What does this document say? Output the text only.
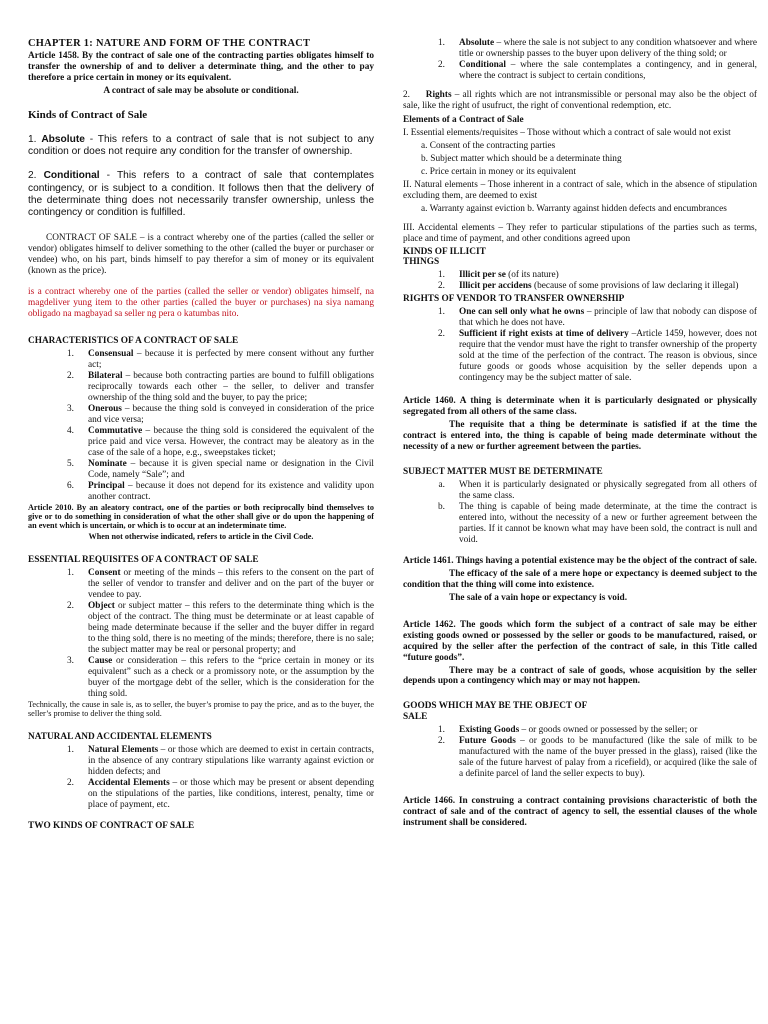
CHAPTER 1: NATURE AND FORM OF THE CONTRACT

Article 1458. By the contract of sale one of the contracting parties obligates himself to transfer the ownership of and to deliver a determinate thing, and the other to pay therefore a price certain in money or its equivalent.

A contract of sale may be absolute or conditional.

Kinds of Contract of Sale

1. Absolute - This refers to a contract of sale that is not subject to any condition or does not require any condition for the transfer of ownership.

2. Conditional - This refers to a contract of sale that contemplates contingency, or is subject to a condition. It follows then that the delivery of the determinate thing does not necessarily transfer ownership, unless the contingency or condition is fulfilled.

CONTRACT OF SALE – is a contract whereby one of the parties (called the seller or vendor) obligates himself to deliver something to the other (called the buyer or purchaser or vendee) who, on his part, binds himself to pay therefor a sim of money or its equivalent (known as the price).

is a contract whereby one of the parties (called the seller or vendor) obligates himself, na magdeliver yung item to the other parties (called the buyer or purchases) na siya namang obligado na magbayad sa seller ng pera o katumbas nito.

CHARACTERISTICS OF A CONTRACT OF SALE

1.	Consensual – because it is perfected by mere consent without any further act;
2.	Bilateral – because both contracting parties are bound to fulfill obligations reciprocally towards each other – the seller, to deliver and transfer ownership of the thing sold and the buyer, to pay the price;
3.	Onerous – because the thing sold is conveyed in consideration of the price and vice versa;
4.	Commutative – because the thing sold is considered the equivalent of the price paid and vice versa. However, the contract may be aleatory as in the case of the sale of a hope, e.g., sweepstakes ticket;
5.	Nominate – because it is given special name or designation in the Civil Code, namely “Sale”; and
6.	Principal – because it does not depend for its existence and validity upon another contract.

Article 2010. By an aleatory contract, one of the parties or both reciprocally bind themselves to give or to do something in consideration of what the other shall give or do upon the happening of an event which is uncertain, or which is to occur at an indeterminate time.

When not otherwise indicated, refers to article in the Civil Code.

ESSENTIAL REQUISITES OF A CONTRACT OF SALE

1.	Consent or meeting of the minds – this refers to the consent on the part of the seller of vendor to transfer and deliver and on the part of the buyer or vendee to pay.
2.	Object or subject matter – this refers to the determinate thing which is the object of the contract. The thing must be determinate or at least capable of being made determinate because if the seller and the buyer differ in regard to the thing sold, there is no meeting of the minds; therefore, there is no sale; the subject matter may be real or personal property; and
3.	Cause or consideration – this refers to the “price certain in money or its equivalent” such as a check or a promissory note, or the assumption by the buyer of the mortgage debt of the seller, which is the consideration for the thing sold.

Technically, the cause in sale is, as to seller, the buyer’s promise to pay the price, and as to the buyer, the seller’s promise to deliver the thing sold.

NATURAL AND ACCIDENTAL ELEMENTS

1.	Natural Elements – or those which are deemed to exist in certain contracts, in the absence of any contrary stipulations like warranty against eviction or hidden defects; and
2.	Accidental Elements – or those which may be present or absent depending on the stipulations of the parties, like conditions, interest, penalty, time or place of payment, etc.

TWO KINDS OF CONTRACT OF SALE

1.	Absolute – where the sale is not subject to any condition whatsoever and where title or ownership passes to the buyer upon delivery of the thing sold; or
2.	Conditional – where the sale contemplates a contingency, and in general, where the contract is subject to certain conditions,

2. Rights – all rights which are not intransmissible or personal may also be the object of sale, like the right of usufruct, the right of conventional redemption, etc.

Elements of a Contract of Sale

I. Essential elements/requisites – Those without which a contract of sale would not exist

a. Consent of the contracting parties

b. Subject matter which should be a determinate thing

c. Price certain in money or its equivalent

II. Natural elements – Those inherent in a contract of sale, which in the absence of stipulation excluding them, are deemed to exist

a. Warranty against eviction b. Warranty against hidden defects and encumbrances

III. Accidental elements – They refer to particular stipulations of the parties such as terms, place and time of payment, and other conditions agreed upon

KINDS OF ILLICIT THINGS

1.	Illicit per se (of its nature)
2.	Illicit per accidens (because of some provisions of law declaring it illegal)

RIGHTS OF VENDOR TO TRANSFER OWNERSHIP

1.	One can sell only what he owns – principle of law that nobody can dispose of that which he does not have.
2.	Sufficient if right exists at time of delivery –Article 1459, however, does not require that the vendor must have the right to transfer ownership of the property sold at the time of the perfection of the contract. The reason is obvious, since future goods or goods whose acquisition by the seller depends upon a contingency may be the subject matter of sale.

Article 1460. A thing is determinate when it is particularly designated or physically segregated from all others of the same class.

The requisite that a thing be determinate is satisfied if at the time the contract is entered into, the thing is capable of being made determinate without the necessity of a new or further agreement between the parties.

SUBJECT MATTER MUST BE DETERMINATE

a.	When it is particularly designated or physically segregated from all others of the same class.
b.	The thing is capable of being made determinate, at the time the contract is entered into, without the necessity of a new or further agreement between the parties. If it cannot be known what may have been sold, the contract is null and void.

Article 1461. Things having a potential existence may be the object of the contract of sale.

The efficacy of the sale of a mere hope or expectancy is deemed subject to the condition that the thing will come into existence.

The sale of a vain hope or expectancy is void.

Article 1462. The goods which form the subject of a contract of sale may be either existing goods owned or possessed by the seller or goods to be manufactured, raised, or acquired by the seller after the perfection of the contract of sale, in this Title called “future goods”.

There may be a contract of sale of goods, whose acquisition by the seller depends upon a contingency which may or may not happen.

GOODS WHICH MAY BE THE OBJECT OF SALE

1.	Existing Goods – or goods owned or possessed by the seller; or
2.	Future Goods – or goods to be manufactured (like the sale of milk to be manufactured with the name of the buyer pressed in the glass), raised (like the sale of the future harvest of palay from a ricefield), or acquired (like the sale of a definite parcel of land the seller expects to buy).

Article 1466. In construing a contract containing provisions characteristic of both the contract of sale and of the contract of agency to sell, the essential clauses of the whole instrument shall be considered.
